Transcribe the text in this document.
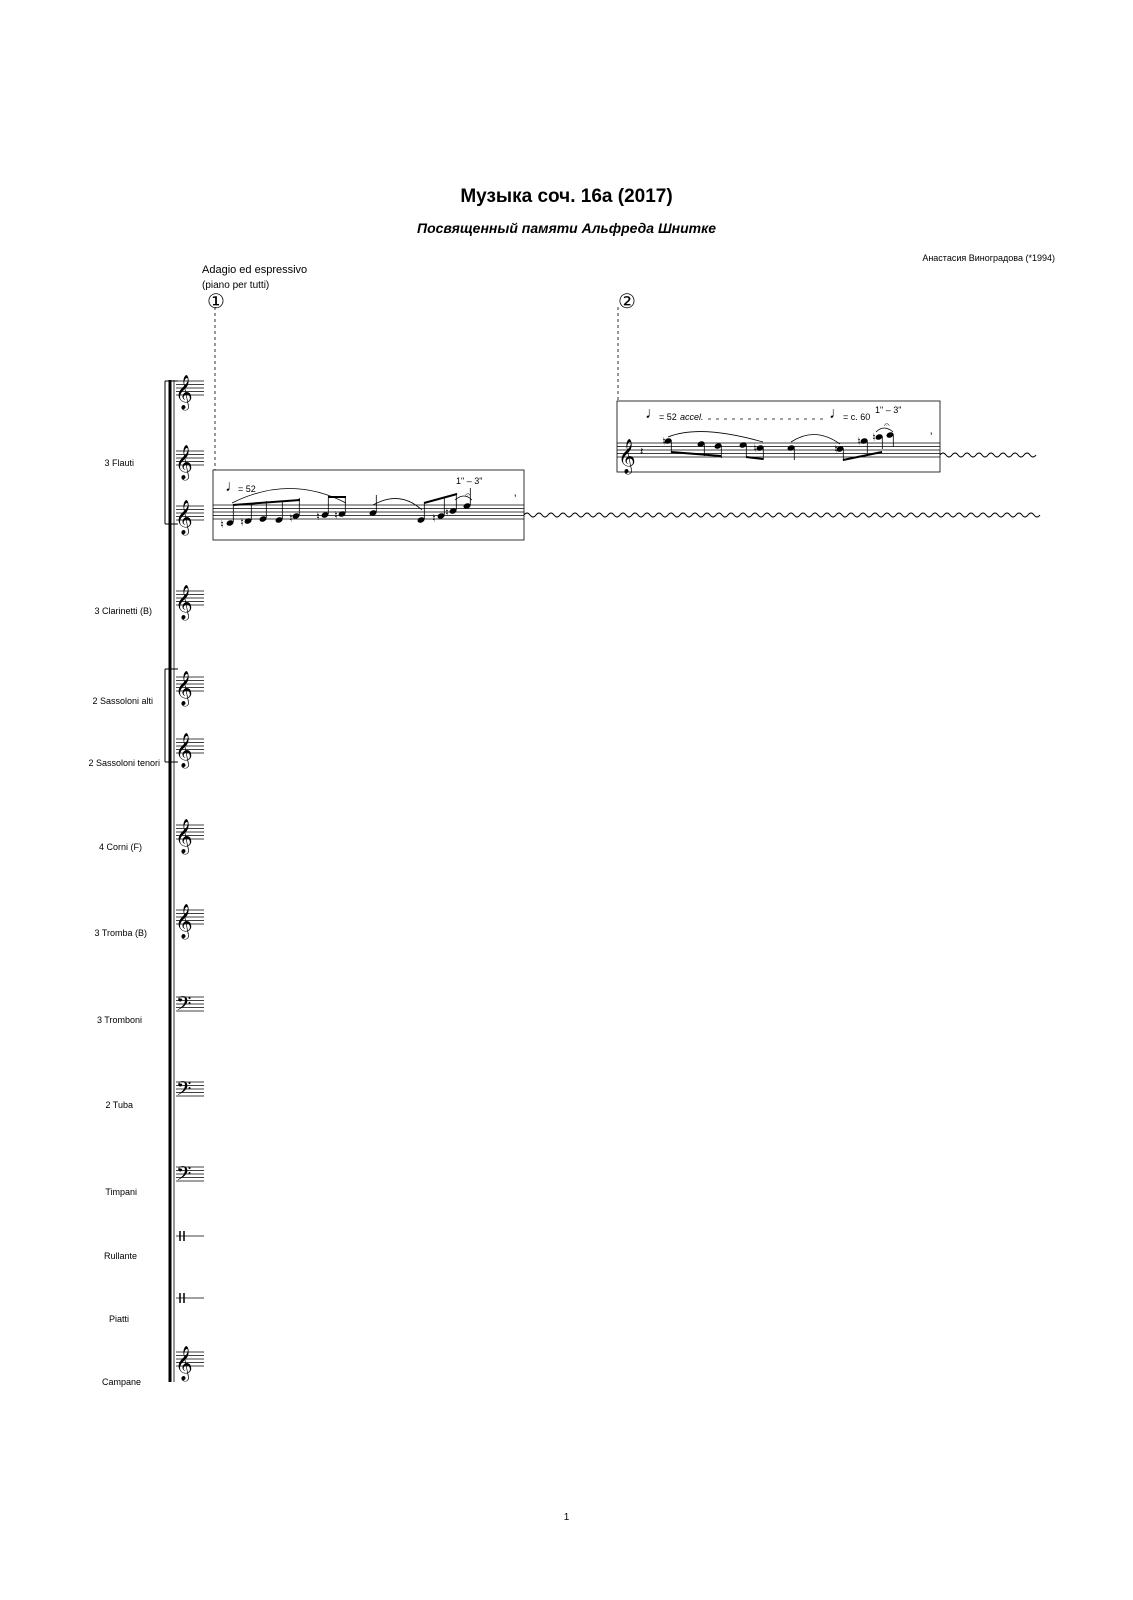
𝄞
𝄞
𝄞
𝄞
𝄞
𝄞
𝄞
𝄞
𝄞
𝄢
𝄢
𝄢
♩
= 52
1" – 3"
𝄐	’
♮ ♮	♮ ♮ ♮	♮ ♮
𝄞
♩
= 52 accel.	♩
= c. 60
1" – 3"
𝄐
’
𝄽
♮
♮	♮
♮ ♮
Музыка соч. 16а (2017)
Посвященный памяти Альфреда Шнитке
Анастасия Виноградова (*1994)
Adagio ed espressivo
(piano per tutti)
①	②
3 Flauti
3 Clarinetti (B)
2 Sassoloni alti
2 Sassoloni tenori
4 Corni (F)
3 Tromba (B)
3 Tromboni
2 Tuba
Timpani
Rullante
Piatti
Campane
1
